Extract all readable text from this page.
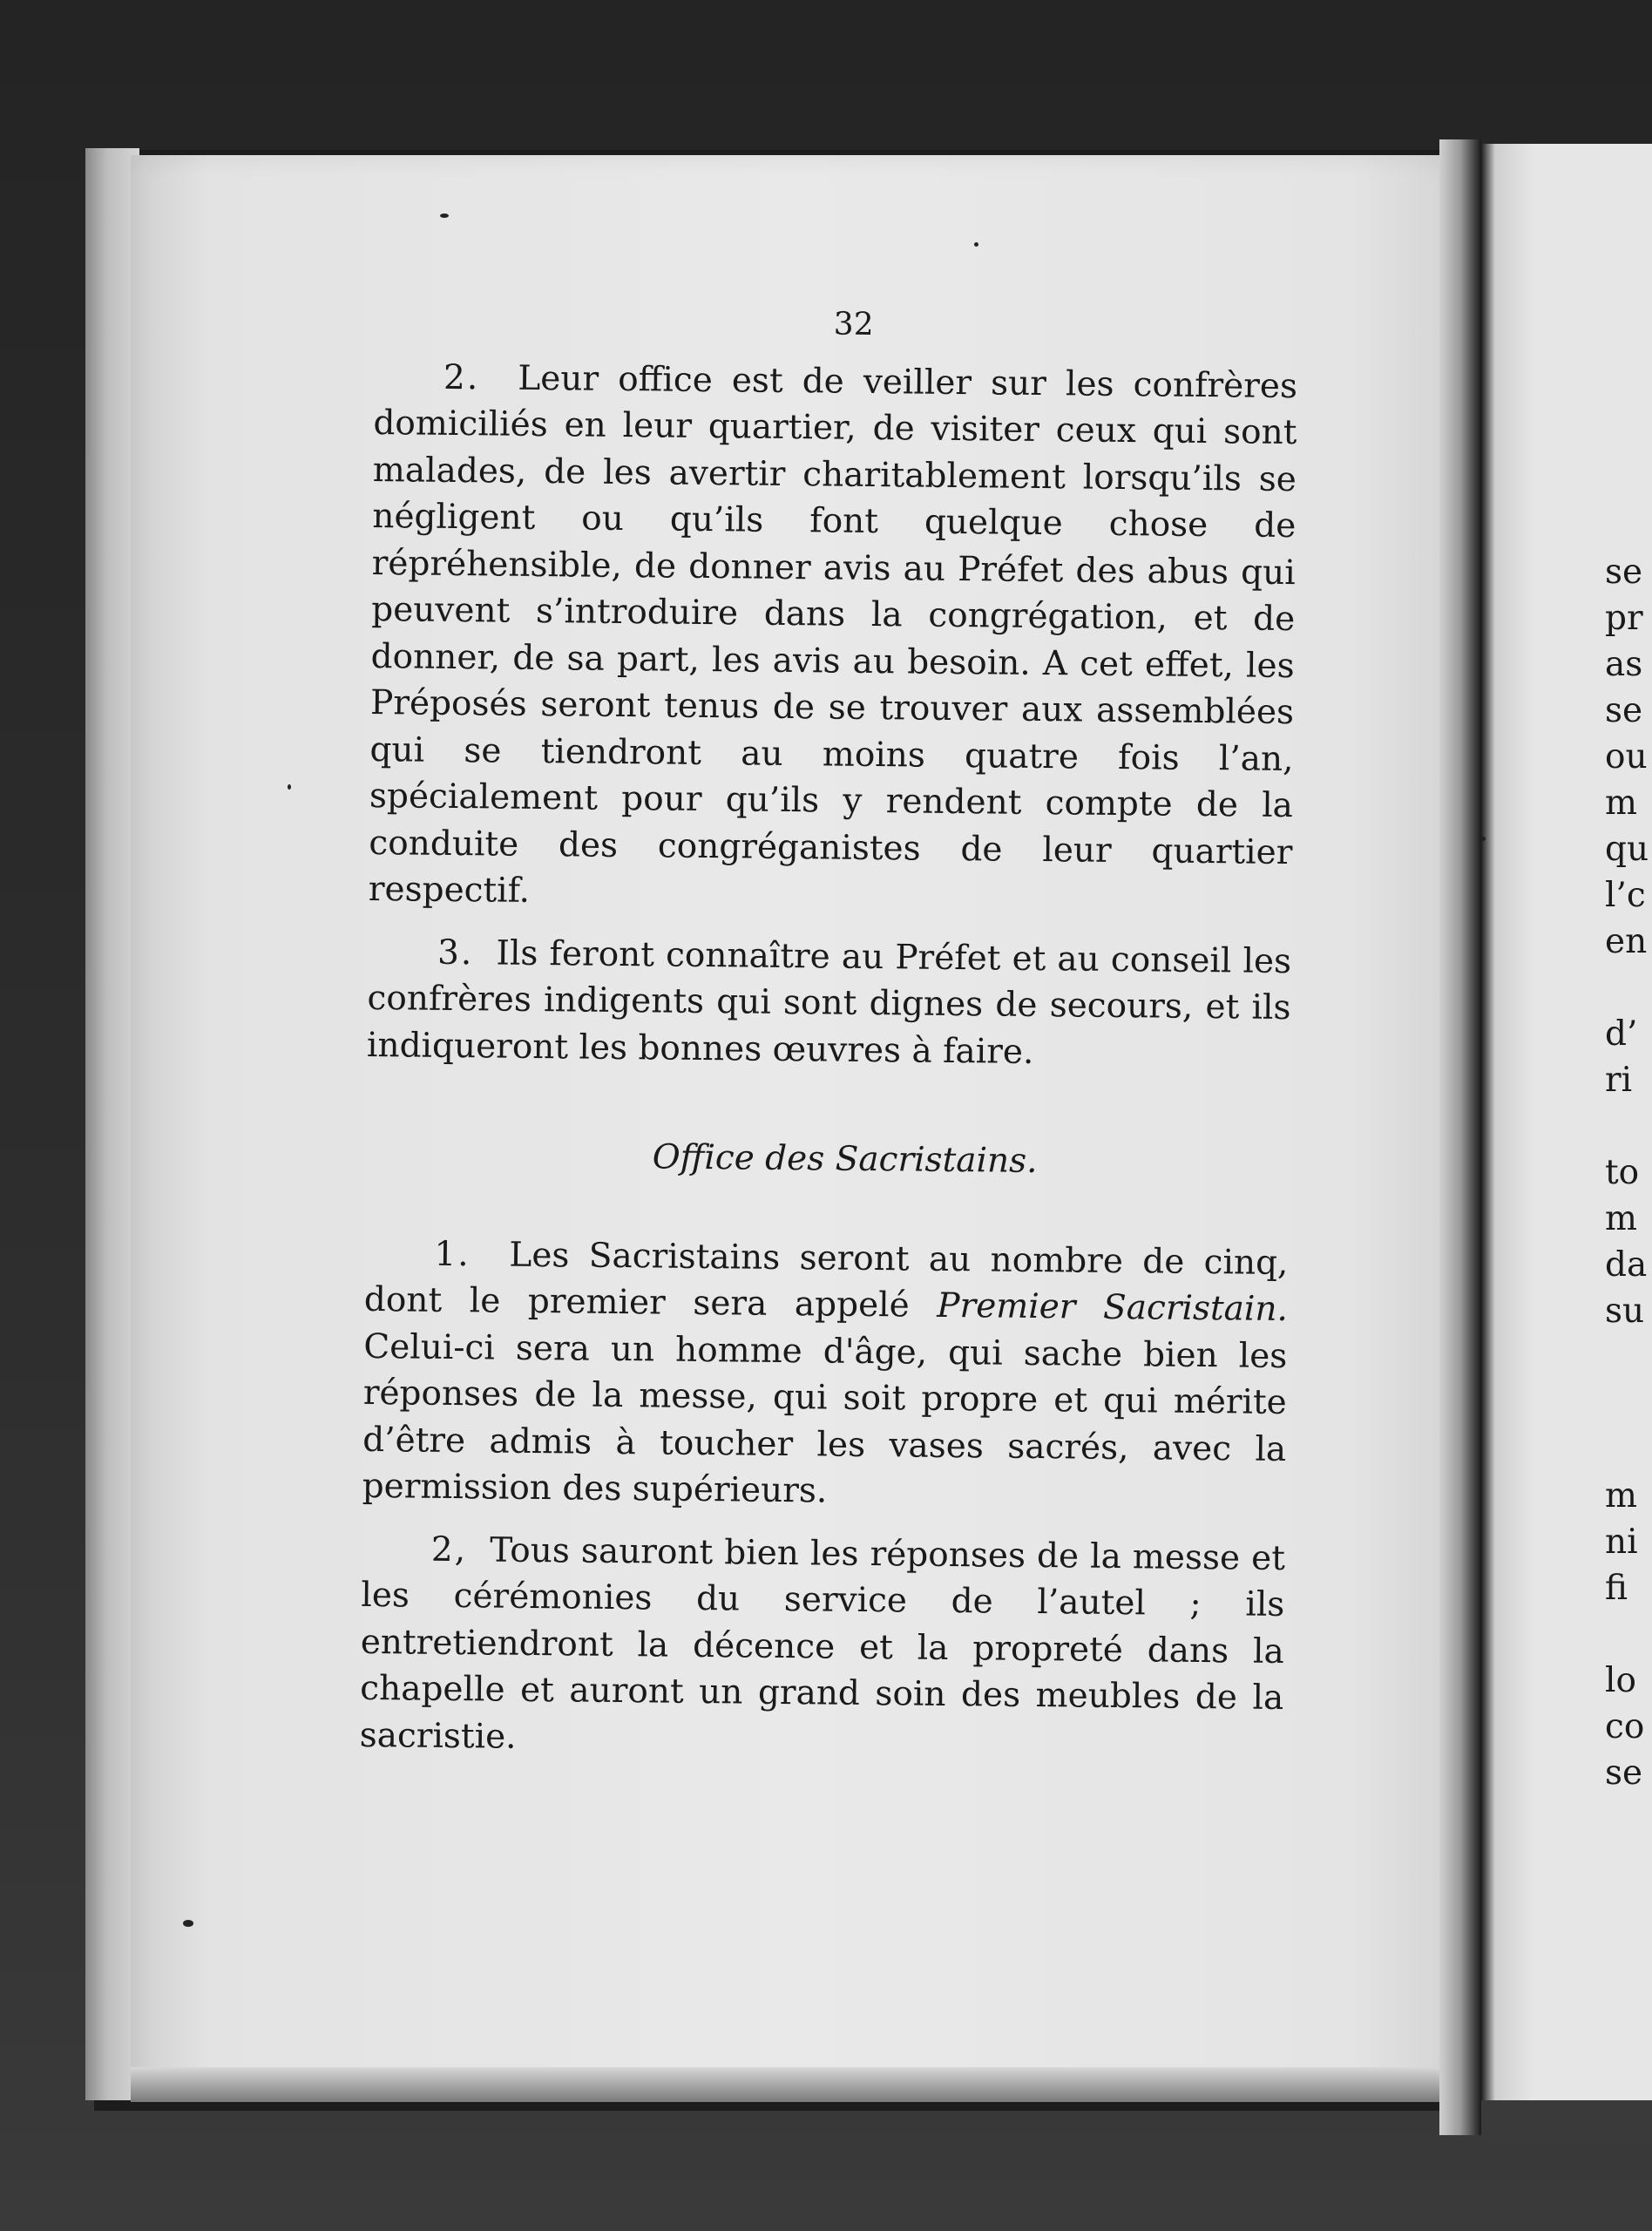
32

2. Leur office est de veiller sur les confrères domiciliés en leur quartier, de visiter ceux qui sont malades, de les avertir charitablement lorsqu’ils se négligent ou qu’ils font quelque chose de répréhensible, de donner avis au Préfet des abus qui peuvent s’introduire dans la congrégation, et de donner, de sa part, les avis au besoin. A cet effet, les Préposés seront tenus de se trouver aux assemblées qui se tiendront au moins quatre fois l’an, spécialement pour qu’ils y rendent compte de la conduite des congréganistes de leur quartier respectif.

3. Ils feront connaître au Préfet et au conseil les confrères indigents qui sont dignes de secours, et ils indiqueront les bonnes œuvres à faire.

Office des Sacristains.

1. Les Sacristains seront au nombre de cinq, dont le premier sera appelé Premier Sacristain. Celui-ci sera un homme d'âge, qui sache bien les réponses de la messe, qui soit propre et qui mérite d’être admis à toucher les vases sacrés, avec la permission des supérieurs.

2, Tous sauront bien les réponses de la messe et les cérémonies du service de l’autel ; ils entretiendront la décence et la propreté dans la chapelle et auront un grand soin des meubles de la sacristie.

se
pr
as
se
ou
m
qu
l’c
en
d’
ri
to
m
da
su
m
ni
fi
lo
co
se
